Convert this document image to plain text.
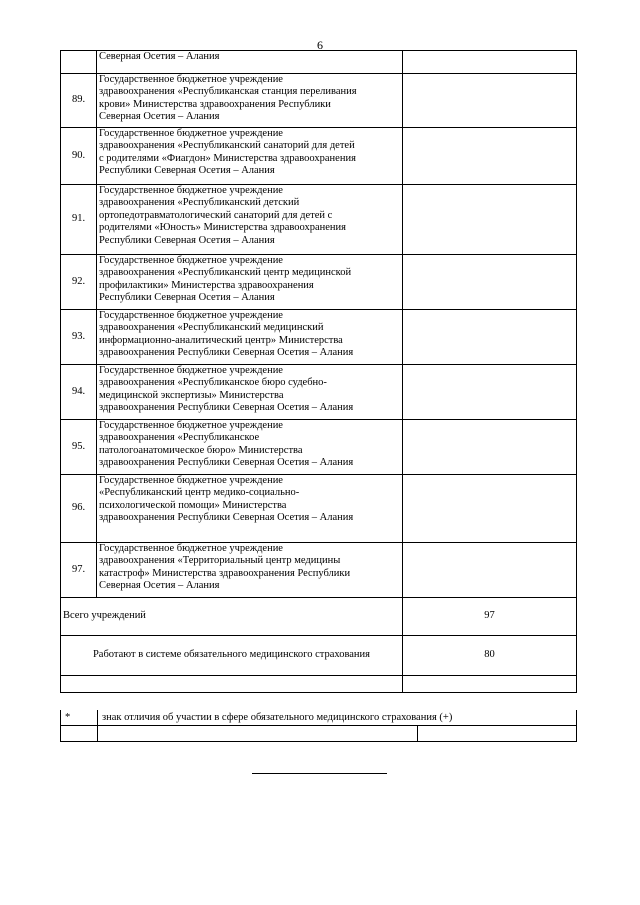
6
	Северная Осетия – Алания	
89.	Государственное бюджетное учреждение
здравоохранения «Республиканская станция переливания
крови» Министерства здравоохранения Республики
Северная Осетия – Алания	

90.	Государственное бюджетное учреждение
здравоохранения «Республиканский санаторий для детей
с родителями «Фиагдон» Министерства здравоохранения
Республики Северная Осетия – Алания	

91.	Государственное бюджетное учреждение
здравоохранения «Республиканский детский
ортопедотравматологический санаторий для детей с
родителями «Юность» Министерства здравоохранения
Республики Северная Осетия – Алания	

92.	Государственное бюджетное учреждение
здравоохранения «Республиканский центр медицинской
профилактики» Министерства здравоохранения
Республики Северная Осетия – Алания	

93.	Государственное бюджетное учреждение
здравоохранения «Республиканский медицинский
информационно-аналитический центр» Министерства
здравоохранения Республики Северная Осетия – Алания	

94.	Государственное бюджетное учреждение
здравоохранения «Республиканское бюро судебно-
медицинской экспертизы» Министерства
здравоохранения Республики Северная Осетия – Алания	

95.	Государственное бюджетное учреждение
здравоохранения «Республиканское
патологоанатомическое бюро» Министерства
здравоохранения Республики Северная Осетия – Алания	

96.	Государственное бюджетное учреждение
«Республиканский центр медико-социально-
психологической помощи» Министерства
здравоохранения Республики Северная Осетия – Алания	

97.	Государственное бюджетное учреждение
здравоохранения «Территориальный центр медицины
катастроф» Министерства здравоохранения Республики
Северная Осетия – Алания	

Всего учреждений		97
Работают в системе обязательного медицинского страхования		80

*	знак отличия об участии в сфере обязательного медицинского страхования (+)	
